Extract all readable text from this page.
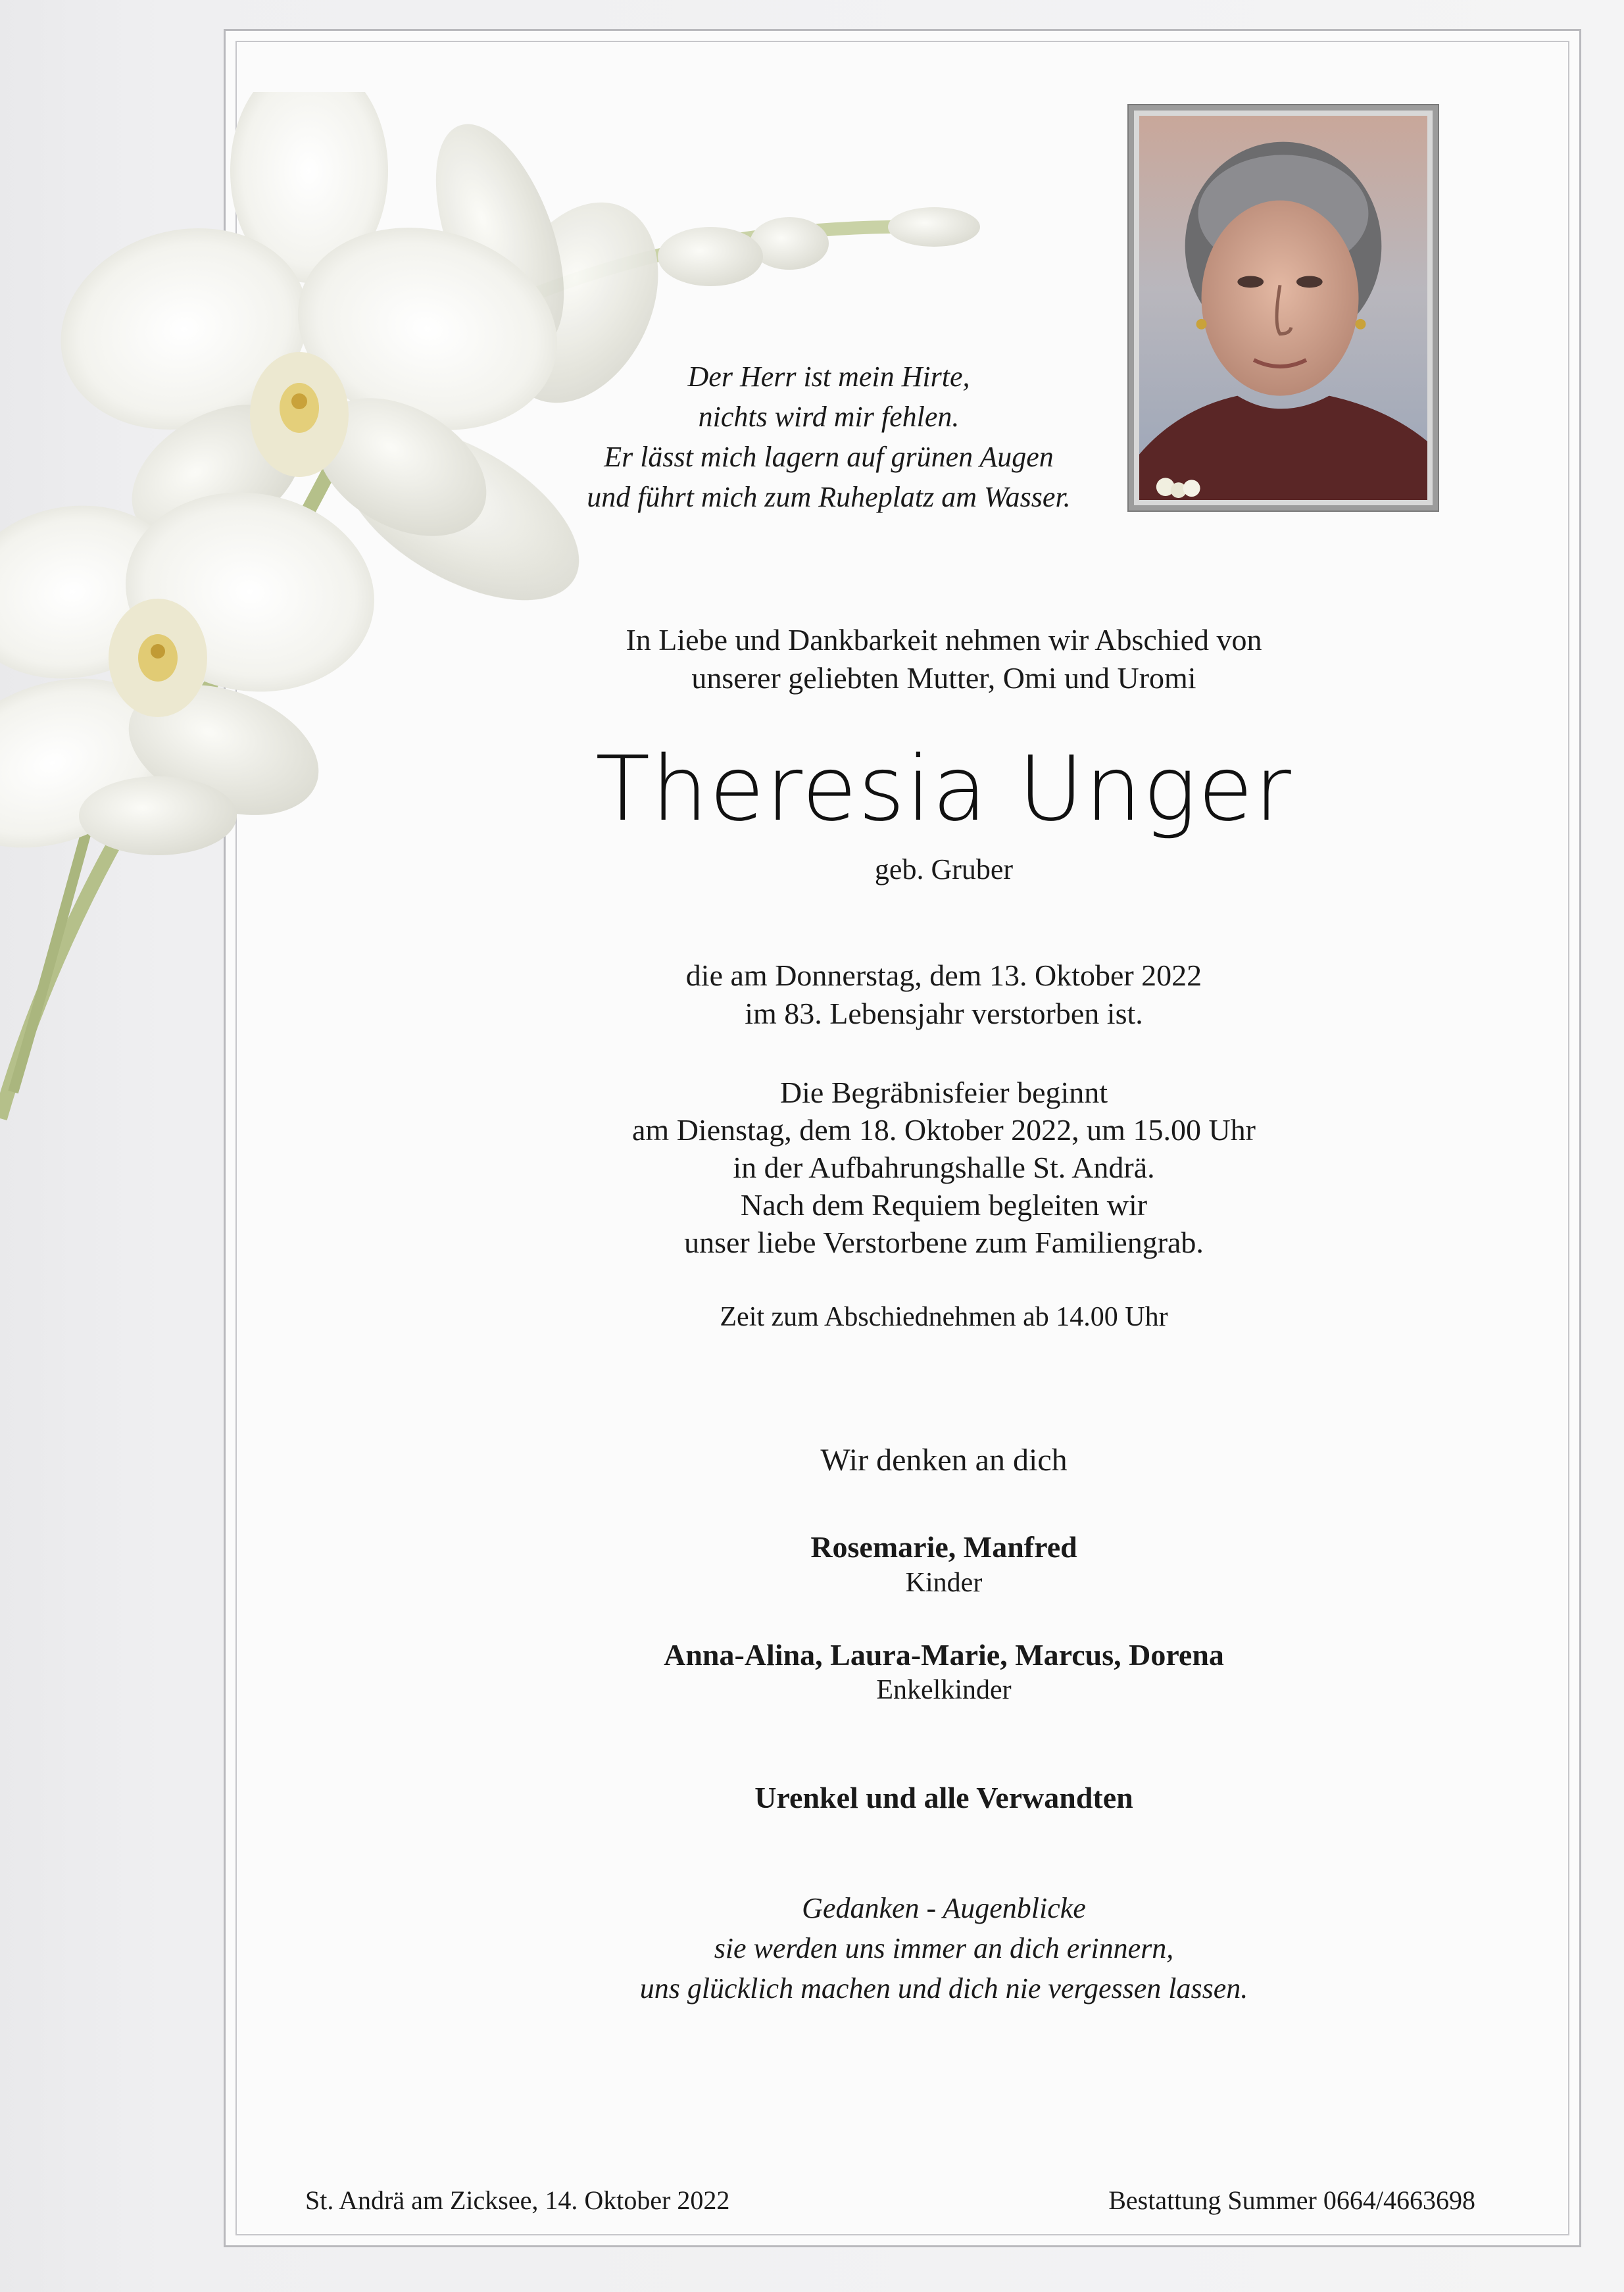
Der Herr ist mein Hirte,
nichts wird mir fehlen.
Er lässt mich lagern auf grünen Augen
und führt mich zum Ruheplatz am Wasser.
In Liebe und Dankbarkeit nehmen wir Abschied von
unserer geliebten Mutter, Omi und Uromi
Theresia Unger
geb. Gruber
die am Donnerstag, dem 13. Oktober 2022
im 83. Lebensjahr verstorben ist.
Die Begräbnisfeier beginnt
am Dienstag, dem 18. Oktober 2022, um 15.00 Uhr
in der Aufbahrungshalle St. Andrä.
Nach dem Requiem begleiten wir
unser liebe Verstorbene zum Familiengrab.
Zeit zum Abschiednehmen ab 14.00 Uhr
Wir denken an dich
Rosemarie, Manfred
Kinder
Anna-Alina, Laura-Marie, Marcus, Dorena
Enkelkinder
Urenkel und alle Verwandten
Gedanken - Augenblicke
sie werden uns immer an dich erinnern,
uns glücklich machen und dich nie vergessen lassen.
St. Andrä am Zicksee, 14. Oktober 2022	Bestattung Summer 0664/4663698
